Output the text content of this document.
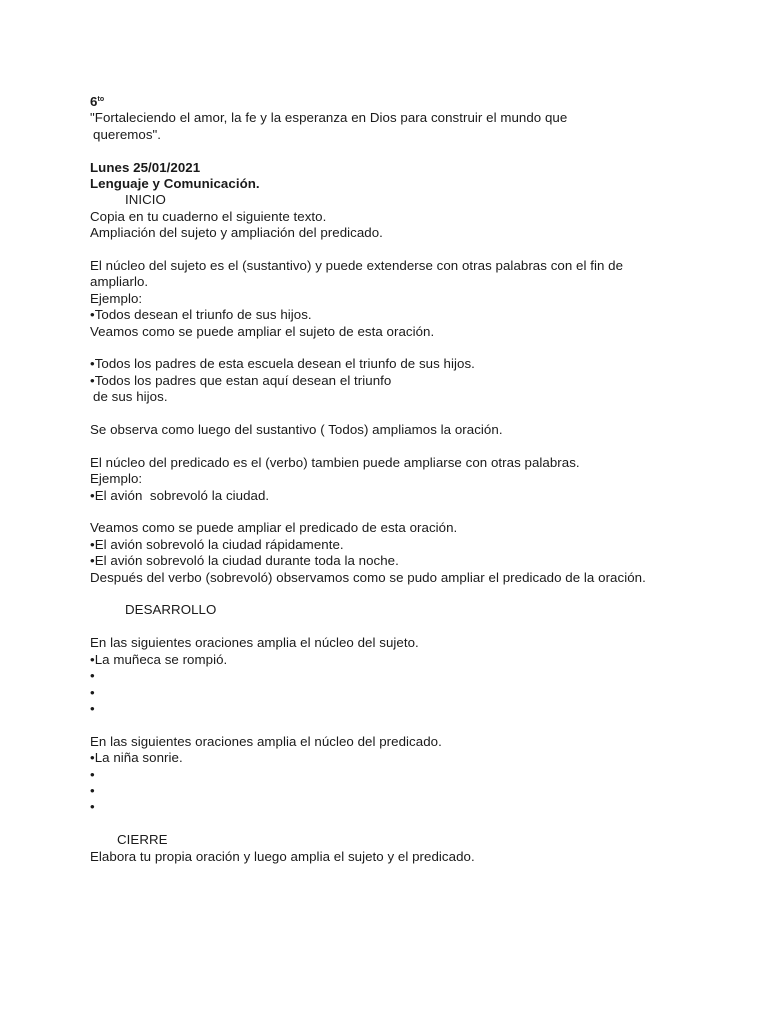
$6^{to}$
"Fortaleciendo el amor, la fe y la esperanza en Dios para construir el mundo que
queremos".
Lunes 25/01/2021
Lenguaje y Comunicación.
INICIO
Copia en tu cuaderno el siguiente texto.
Ampliación del sujeto y ampliación del predicado.
El núcleo del sujeto es el (sustantivo) y puede extenderse con otras palabras con el fin de
ampliarlo.
Ejemplo:
•Todos desean el triunfo de sus hijos.
Veamos como se puede ampliar el sujeto de esta oración.
•Todos los padres de esta escuela desean el triunfo de sus hijos.
•Todos los padres que estan aquí desean el triunfo
de sus hijos.
Se observa como luego del sustantivo ( Todos) ampliamos la oración.
El núcleo del predicado es el (verbo) tambien puede ampliarse con otras palabras.
Ejemplo:
•El avión  sobrevoló la ciudad.
Veamos como se puede ampliar el predicado de esta oración.
•El avión sobrevoló la ciudad rápidamente.
•El avión sobrevoló la ciudad durante toda la noche.
Después del verbo (sobrevoló) observamos como se pudo ampliar el predicado de la oración.
DESARROLLO
En las siguientes oraciones amplia el núcleo del sujeto.
•La muñeca se rompió.
•
•
•
En las siguientes oraciones amplia el núcleo del predicado.
•La niña sonrie.
•
•
•
CIERRE
Elabora tu propia oración y luego amplia el sujeto y el predicado.
